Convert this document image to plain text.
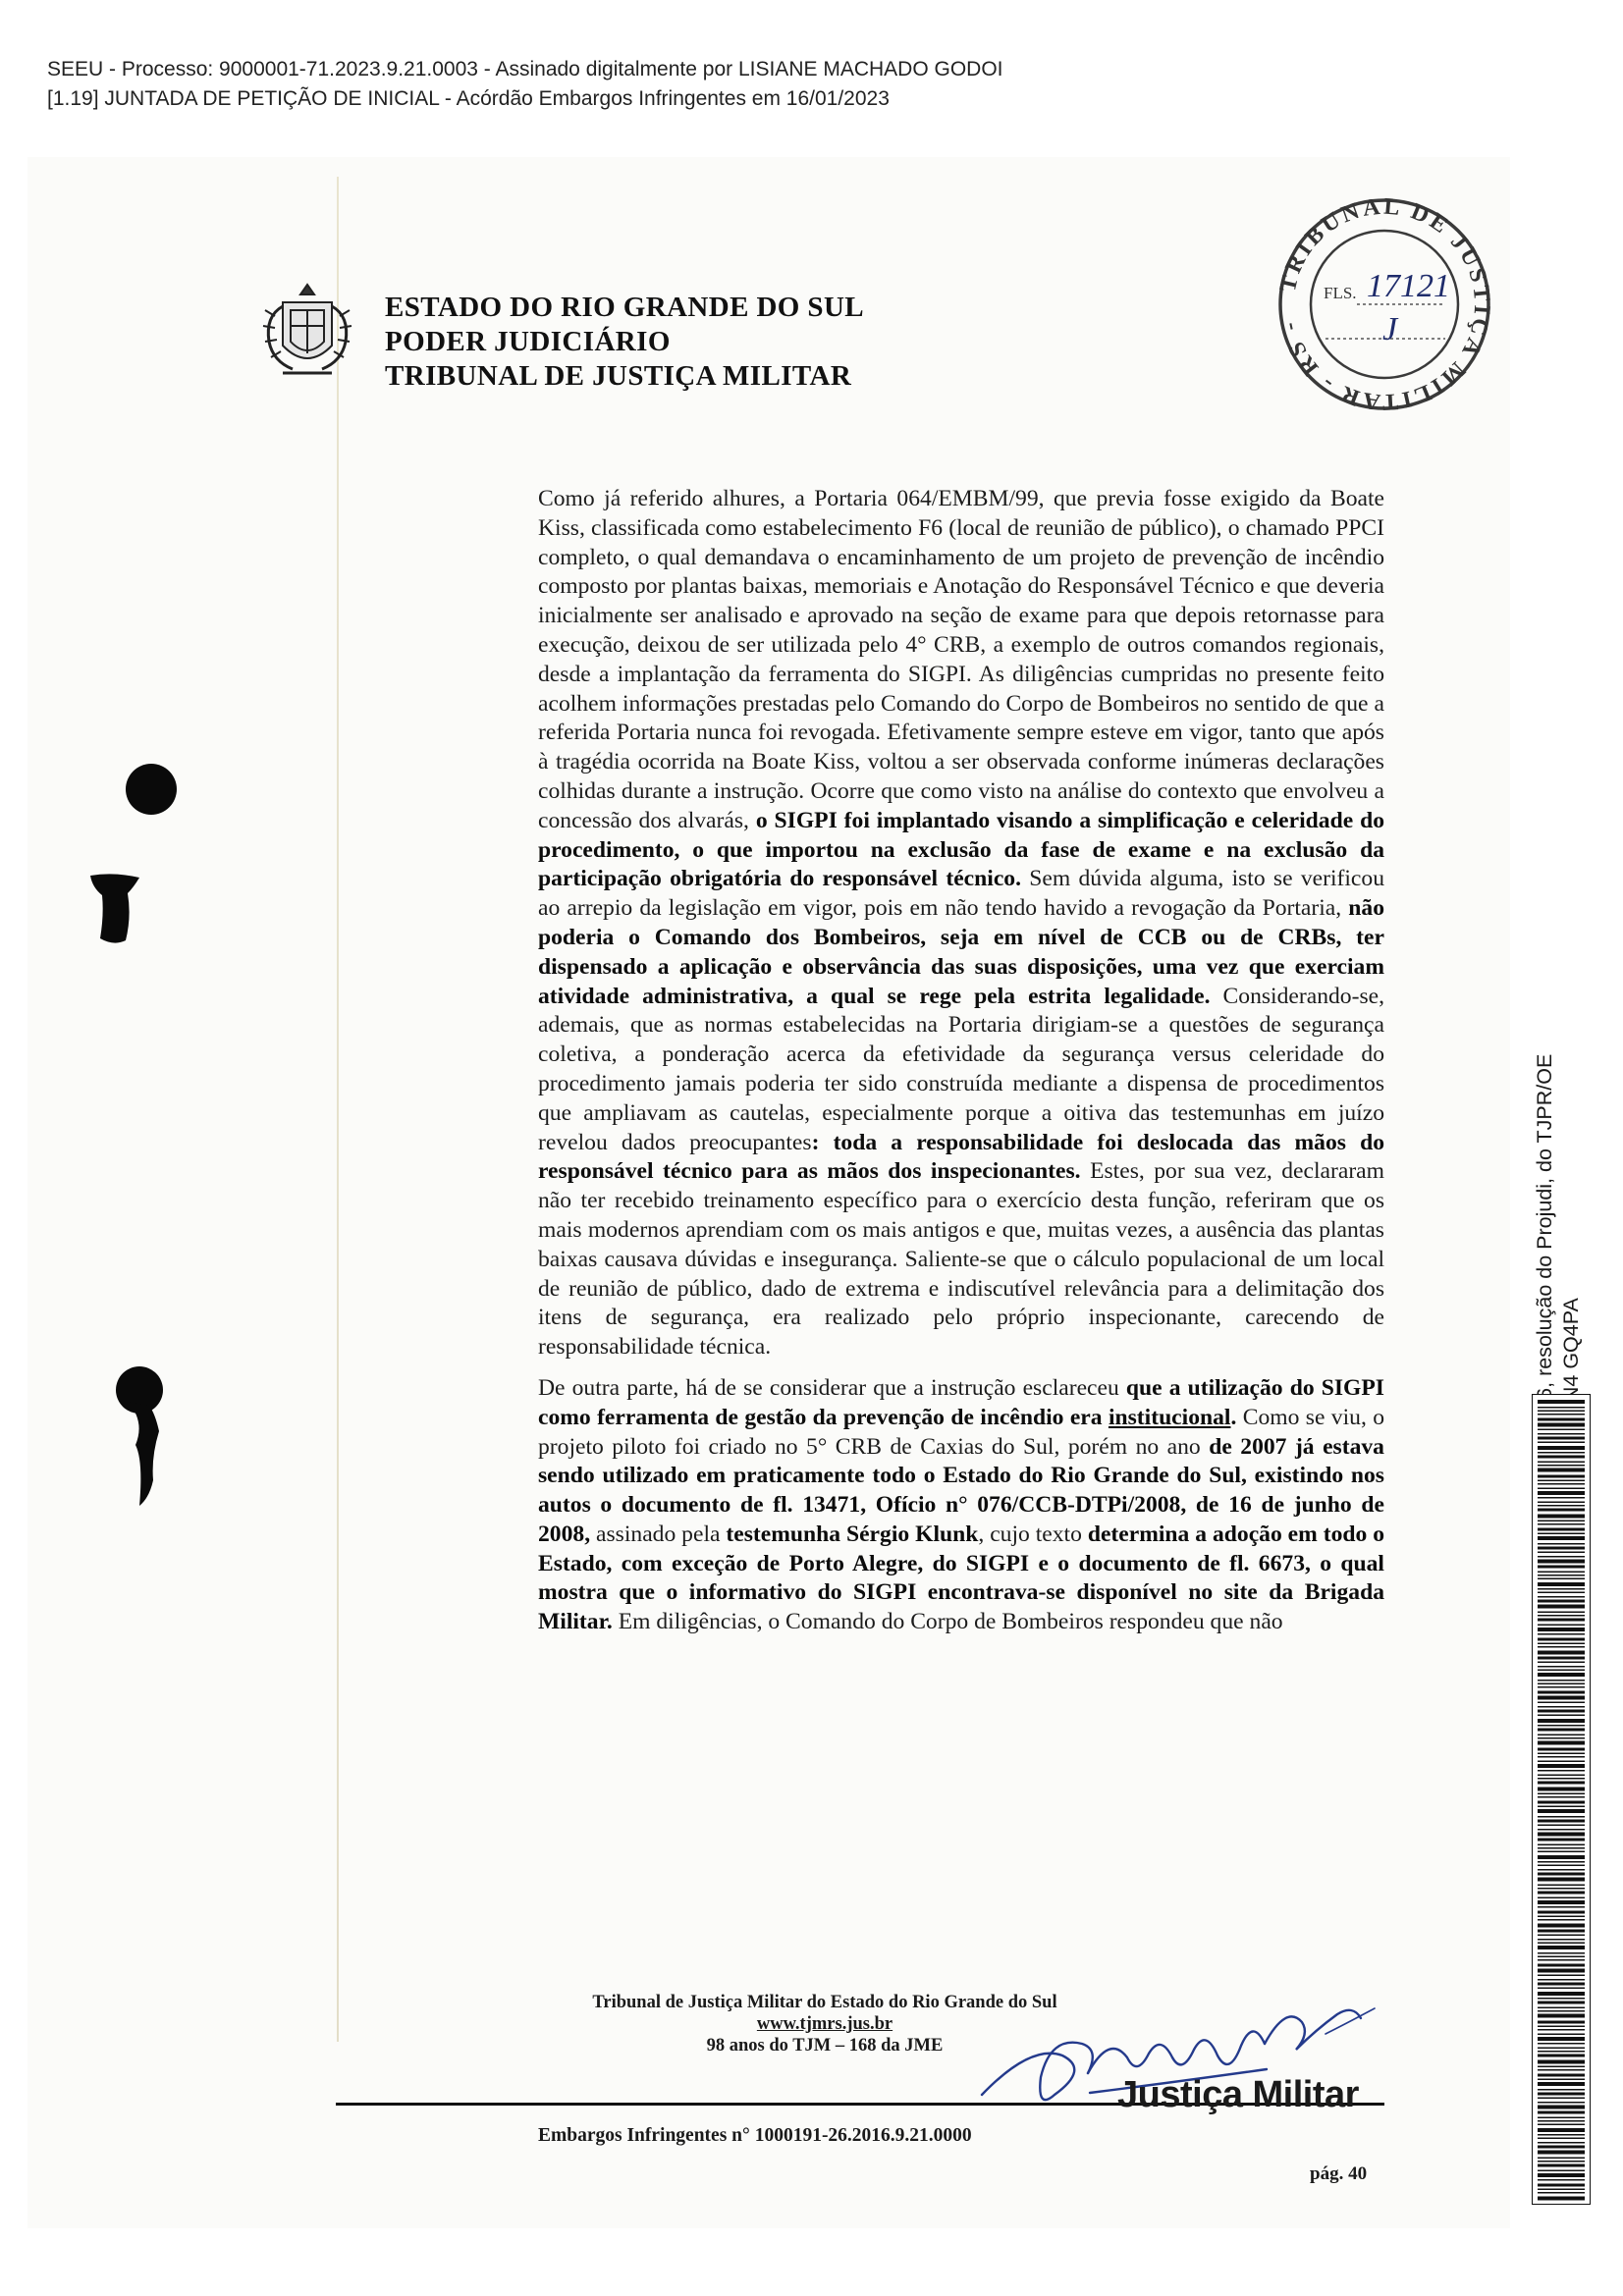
SEEU - Processo: 9000001-71.2023.9.21.0003 - Assinado digitalmente por LISIANE MACHADO GODOI
[1.19] JUNTADA DE PETIÇÃO DE INICIAL - Acórdão Embargos Infringentes em 16/01/2023
ESTADO DO RIO GRANDE DO SUL
PODER JUDICIÁRIO
TRIBUNAL DE JUSTIÇA MILITAR
TRIBUNAL DE JUSTIÇA MILITAR - RS -
FLS. 17121
J

Como já referido alhures, a Portaria 064/EMBM/99, que previa fosse exigido da Boate Kiss, classificada como estabelecimento F6 (local de reunião de público), o chamado PPCI completo, o qual demandava o encaminhamento de um projeto de prevenção de incêndio composto por plantas baixas, memoriais e Anotação do Responsável Técnico e que deveria inicialmente ser analisado e aprovado na seção de exame para que depois retornasse para execução, deixou de ser utilizada pelo 4° CRB, a exemplo de outros comandos regionais, desde a implantação da ferramenta do SIGPI. As diligências cumpridas no presente feito acolhem informações prestadas pelo Comando do Corpo de Bombeiros no sentido de que a referida Portaria nunca foi revogada. Efetivamente sempre esteve em vigor, tanto que após à tragédia ocorrida na Boate Kiss, voltou a ser observada conforme inúmeras declarações colhidas durante a instrução. Ocorre que como visto na análise do contexto que envolveu a concessão dos alvarás, o SIGPI foi implantado visando a simplificação e celeridade do procedimento, o que importou na exclusão da fase de exame e na exclusão da participação obrigatória do responsável técnico. Sem dúvida alguma, isto se verificou ao arrepio da legislação em vigor, pois em não tendo havido a revogação da Portaria, não poderia o Comando dos Bombeiros, seja em nível de CCB ou de CRBs, ter dispensado a aplicação e observância das suas disposições, uma vez que exerciam atividade administrativa, a qual se rege pela estrita legalidade. Considerando-se, ademais, que as normas estabelecidas na Portaria dirigiam-se a questões de segurança coletiva, a ponderação acerca da efetividade da segurança versus celeridade do procedimento jamais poderia ter sido construída mediante a dispensa de procedimentos que ampliavam as cautelas, especialmente porque a oitiva das testemunhas em juízo revelou dados preocupantes: toda a responsabilidade foi deslocada das mãos do responsável técnico para as mãos dos inspecionantes. Estes, por sua vez, declararam não ter recebido treinamento específico para o exercício desta função, referiram que os mais modernos aprendiam com os mais antigos e que, muitas vezes, a ausência das plantas baixas causava dúvidas e insegurança. Saliente-se que o cálculo populacional de um local de reunião de público, dado de extrema e indiscutível relevância para a delimitação dos itens de segurança, era realizado pelo próprio inspecionante, carecendo de responsabilidade técnica.

De outra parte, há de se considerar que a instrução esclareceu que a utilização do SIGPI como ferramenta de gestão da prevenção de incêndio era institucional. Como se viu, o projeto piloto foi criado no 5° CRB de Caxias do Sul, porém no ano de 2007 já estava sendo utilizado em praticamente todo o Estado do Rio Grande do Sul, existindo nos autos o documento de fl. 13471, Ofício n° 076/CCB-DTPi/2008, de 16 de junho de 2008, assinado pela testemunha Sérgio Klunk, cujo texto determina a adoção em todo o Estado, com exceção de Porto Alegre, do SIGPI e o documento de fl. 6673, o qual mostra que o informativo do SIGPI encontrava-se disponível no site da Brigada Militar. Em diligências, o Comando do Corpo de Bombeiros respondeu que não

Tribunal de Justiça Militar do Estado do Rio Grande do Sul
www.tjmrs.jus.br
98 anos do TJM – 168 da JME
Justiça Militar
Embargos Infringentes n° 1000191-26.2016.9.21.0000
pág. 40
resolução do Projudi, do TJPR/OE
